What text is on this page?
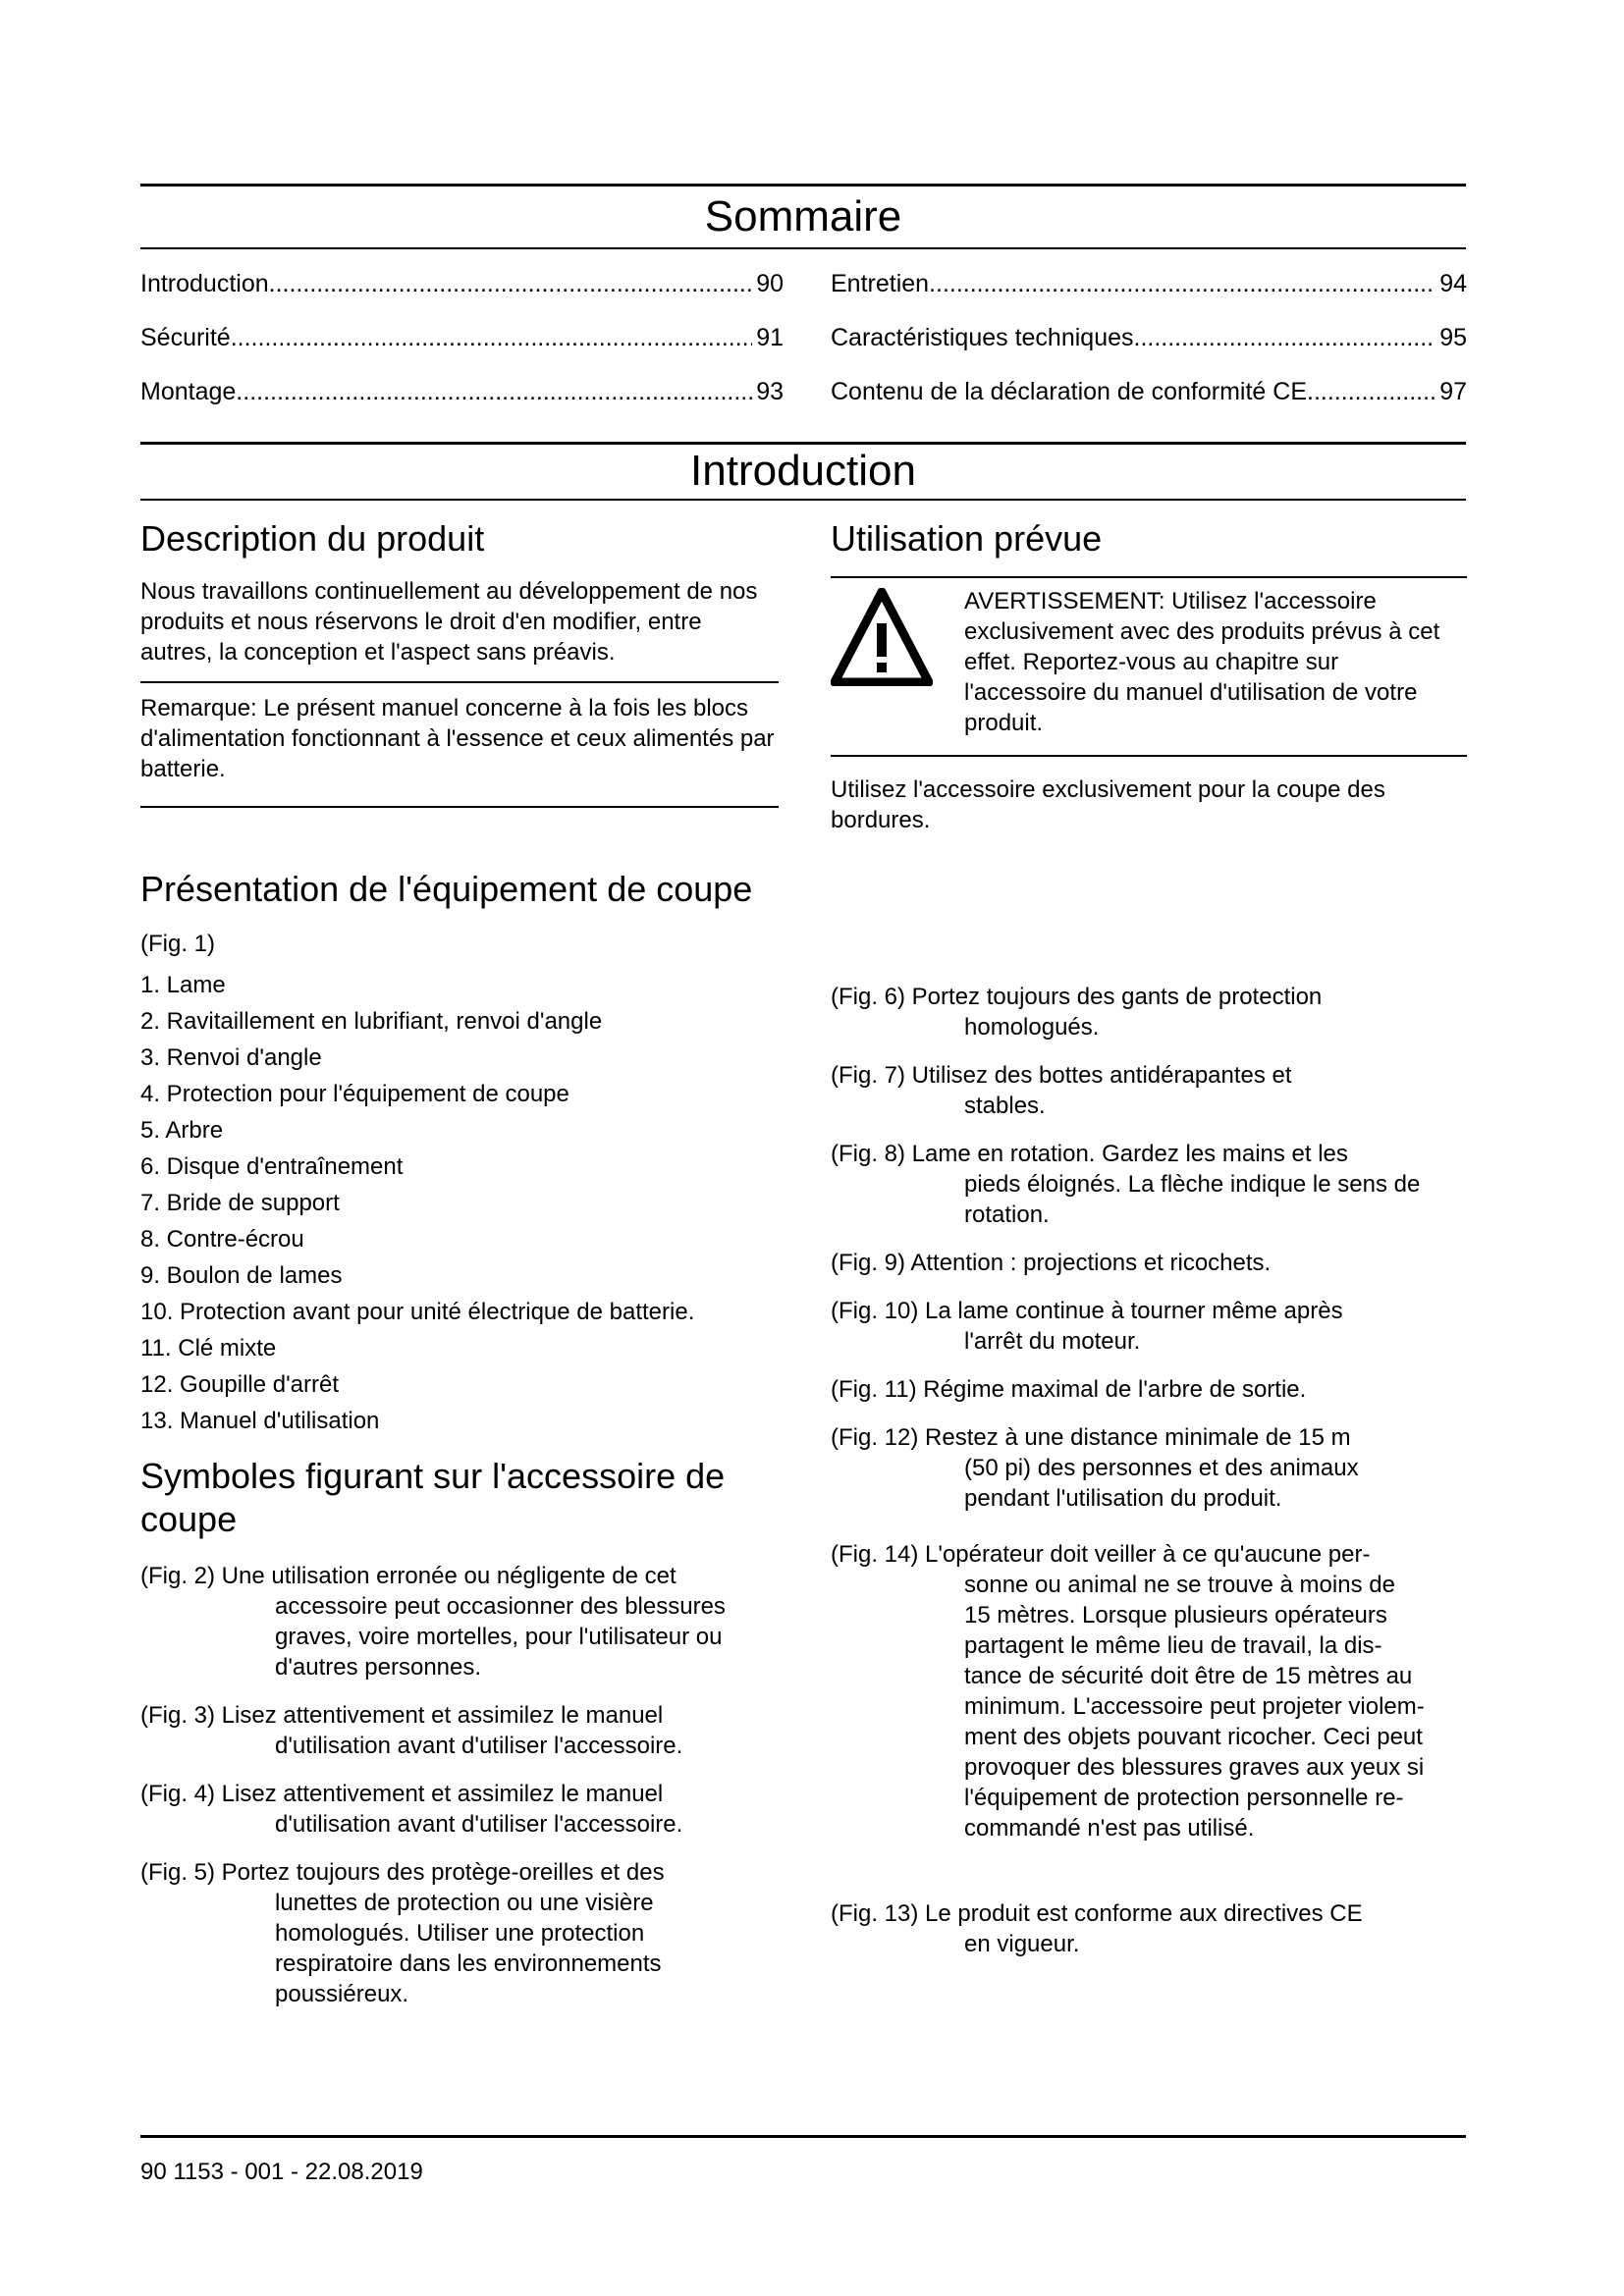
Sommaire
Introduction .....	90
Sécurité .....	91
Montage .....	93
Entretien .....	94
Caractéristiques techniques .....	95
Contenu de la déclaration de conformité CE .....	97
Introduction
Description du produit

Nous travaillons continuellement au développement de nos produits et nous réservons le droit d'en modifier, entre autres, la conception et l'aspect sans préavis.

Remarque: Le présent manuel concerne à la fois les blocs d'alimentation fonctionnant à l'essence et ceux alimentés par batterie.

Utilisation prévue

AVERTISSEMENT: Utilisez l'accessoire exclusivement avec des produits prévus à cet effet. Reportez-vous au chapitre sur l'accessoire du manuel d'utilisation de votre produit.

Utilisez l'accessoire exclusivement pour la coupe des bordures.

Présentation de l'équipement de coupe

(Fig. 1)

1. Lame
2. Ravitaillement en lubrifiant, renvoi d'angle
3. Renvoi d'angle
4. Protection pour l'équipement de coupe
5. Arbre
6. Disque d'entraînement
7. Bride de support
8. Contre-écrou
9. Boulon de lames
10. Protection avant pour unité électrique de batterie.
11. Clé mixte
12. Goupille d'arrêt
13. Manuel d'utilisation
Symboles figurant sur l'accessoire de coupe
(Fig. 2) Une utilisation erronée ou négligente de cet
accessoire peut occasionner des blessures
graves, voire mortelles, pour l'utilisateur ou
d'autres personnes.
(Fig. 3) Lisez attentivement et assimilez le manuel
d'utilisation avant d'utiliser l'accessoire.
(Fig. 4) Lisez attentivement et assimilez le manuel
d'utilisation avant d'utiliser l'accessoire.
(Fig. 5) Portez toujours des protège-oreilles et des
lunettes de protection ou une visière
homologués. Utiliser une protection
respiratoire dans les environnements
poussiéreux.
(Fig. 6) Portez toujours des gants de protection
homologués.
(Fig. 7) Utilisez des bottes antidérapantes et
stables.
(Fig. 8) Lame en rotation. Gardez les mains et les
pieds éloignés. La flèche indique le sens de
rotation.
(Fig. 9) Attention : projections et ricochets.
(Fig. 10) La lame continue à tourner même après
l'arrêt du moteur.
(Fig. 11) Régime maximal de l'arbre de sortie.
(Fig. 12) Restez à une distance minimale de 15 m
(50 pi) des personnes et des animaux
pendant l'utilisation du produit.
(Fig. 14) L'opérateur doit veiller à ce qu'aucune per-
sonne ou animal ne se trouve à moins de
15 mètres. Lorsque plusieurs opérateurs
partagent le même lieu de travail, la dis-
tance de sécurité doit être de 15 mètres au
minimum. L'accessoire peut projeter violem-
ment des objets pouvant ricocher. Ceci peut
provoquer des blessures graves aux yeux si
l'équipement de protection personnelle re-
commandé n'est pas utilisé.
(Fig. 13) Le produit est conforme aux directives CE
en vigueur.
90 1153 - 001 - 22.08.2019
